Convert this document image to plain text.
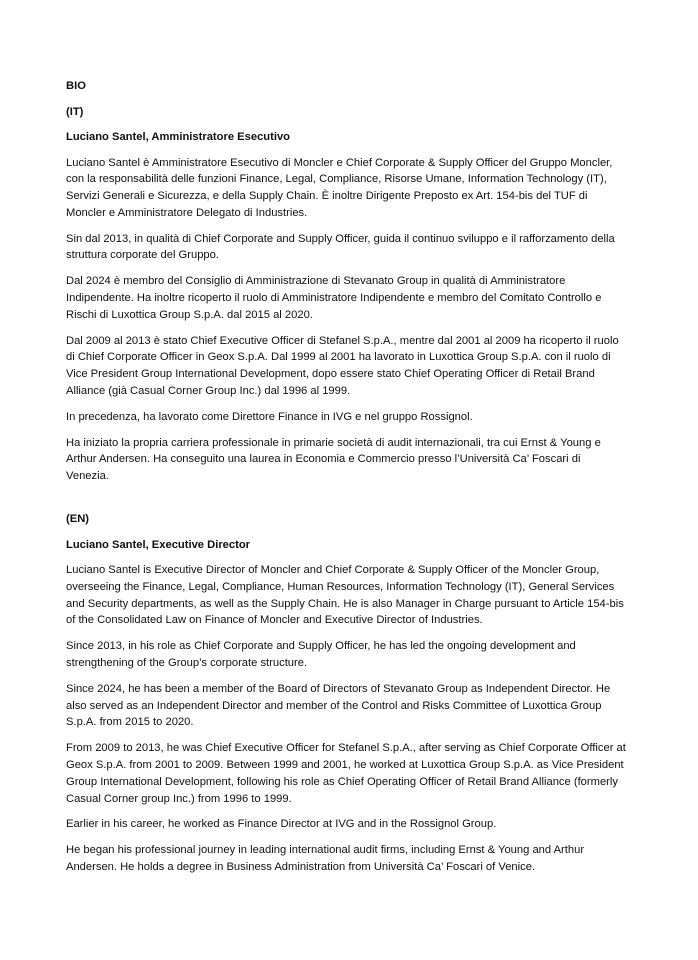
BIO
(IT)
Luciano Santel, Amministratore Esecutivo

Luciano Santel è Amministratore Esecutivo di Moncler e Chief Corporate & Supply Officer del Gruppo Moncler, con la responsabilità delle funzioni Finance, Legal, Compliance, Risorse Umane, Information Technology (IT), Servizi Generali e Sicurezza, e della Supply Chain. È inoltre Dirigente Preposto ex Art. 154-bis del TUF di Moncler e Amministratore Delegato di Industries.

Sin dal 2013, in qualità di Chief Corporate and Supply Officer, guida il continuo sviluppo e il rafforzamento della struttura corporate del Gruppo.

Dal 2024 è membro del Consiglio di Amministrazione di Stevanato Group in qualità di Amministratore Indipendente. Ha inoltre ricoperto il ruolo di Amministratore Indipendente e membro del Comitato Controllo e Rischi di Luxottica Group S.p.A. dal 2015 al 2020.

Dal 2009 al 2013 è stato Chief Executive Officer di Stefanel S.p.A., mentre dal 2001 al 2009 ha ricoperto il ruolo di Chief Corporate Officer in Geox S.p.A. Dal 1999 al 2001 ha lavorato in Luxottica Group S.p.A. con il ruolo di Vice President Group International Development, dopo essere stato Chief Operating Officer di Retail Brand Alliance (già Casual Corner Group Inc.) dal 1996 al 1999.

In precedenza, ha lavorato come Direttore Finance in IVG e nel gruppo Rossignol.

Ha iniziato la propria carriera professionale in primarie società di audit internazionali, tra cui Ernst & Young e Arthur Andersen. Ha conseguito una laurea in Economia e Commercio presso l’Università Ca’ Foscari di Venezia.

(EN)
Luciano Santel, Executive Director

Luciano Santel is Executive Director of Moncler and Chief Corporate & Supply Officer of the Moncler Group, overseeing the Finance, Legal, Compliance, Human Resources, Information Technology (IT), General Services and Security departments, as well as the Supply Chain. He is also Manager in Charge pursuant to Article 154-bis of the Consolidated Law on Finance of Moncler and Executive Director of Industries.

Since 2013, in his role as Chief Corporate and Supply Officer, he has led the ongoing development and strengthening of the Group’s corporate structure.

Since 2024, he has been a member of the Board of Directors of Stevanato Group as Independent Director. He also served as an Independent Director and member of the Control and Risks Committee of Luxottica Group S.p.A. from 2015 to 2020.

From 2009 to 2013, he was Chief Executive Officer for Stefanel S.p.A., after serving as Chief Corporate Officer at Geox S.p.A. from 2001 to 2009. Between 1999 and 2001, he worked at Luxottica Group S.p.A. as Vice President Group International Development, following his role as Chief Operating Officer of Retail Brand Alliance (formerly Casual Corner group Inc.) from 1996 to 1999.

Earlier in his career, he worked as Finance Director at IVG and in the Rossignol Group.

He began his professional journey in leading international audit firms, including Ernst & Young and Arthur Andersen. He holds a degree in Business Administration from Università Ca’ Foscari of Venice.
